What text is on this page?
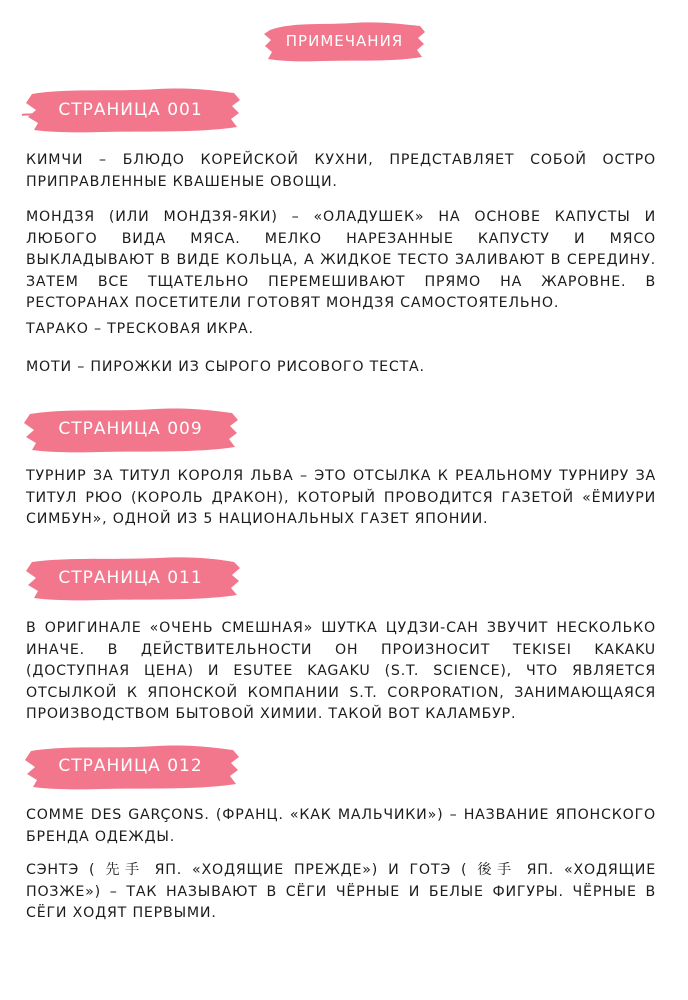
ПРИМЕЧАНИЯ
СТРАНИЦА 001

КИМЧИ – БЛЮДО КОРЕЙСКОЙ КУХНИ, ПРЕДСТАВЛЯЕТ СОБОЙ ОСТРО ПРИПРАВЛЕННЫЕ КВАШЕНЫЕ ОВОЩИ.

МОНДЗЯ (ИЛИ МОНДЗЯ-ЯКИ) – «ОЛАДУШЕК» НА ОСНОВЕ КАПУСТЫ И ЛЮБОГО ВИДА МЯСА. МЕЛКО НАРЕЗАННЫЕ КАПУСТУ И МЯСО ВЫКЛАДЫВАЮТ В ВИДЕ КОЛЬЦА, А ЖИДКОЕ ТЕСТО ЗАЛИВАЮТ В СЕРЕДИНУ. ЗАТЕМ ВСЕ ТЩАТЕЛЬНО ПЕРЕМЕШИВАЮТ ПРЯМО НА ЖАРОВНЕ. В РЕСТОРАНАХ ПОСЕТИТЕЛИ ГОТОВЯТ МОНДЗЯ САМОСТОЯТЕЛЬНО.

ТАРАКО – ТРЕСКОВАЯ ИКРА.

МОТИ – ПИРОЖКИ ИЗ СЫРОГО РИСОВОГО ТЕСТА.

СТРАНИЦА 009

ТУРНИР ЗА ТИТУЛ КОРОЛЯ ЛЬВА – ЭТО ОТСЫЛКА К РЕАЛЬНОМУ ТУРНИРУ ЗА ТИТУЛ РЮО (КОРОЛЬ ДРАКОН), КОТОРЫЙ ПРОВОДИТСЯ ГАЗЕТОЙ «ЁМИУРИ СИМБУН», ОДНОЙ ИЗ 5 НАЦИОНАЛЬНЫХ ГАЗЕТ ЯПОНИИ.

СТРАНИЦА 011

В ОРИГИНАЛЕ «ОЧЕНЬ СМЕШНАЯ» ШУТКА ЦУДЗИ-САН ЗВУЧИТ НЕСКОЛЬКО ИНАЧЕ. В ДЕЙСТВИТЕЛЬНОСТИ ОН ПРОИЗНОСИТ TEKISEI KAKAKU (ДОСТУПНАЯ ЦЕНА) И ESUTEE KAGAKU (S.T. SCIENCE), ЧТО ЯВЛЯЕТСЯ ОТСЫЛКОЙ К ЯПОНСКОЙ КОМПАНИИ S.T. CORPORATION, ЗАНИМАЮЩАЯСЯ ПРОИЗВОДСТВОМ БЫТОВОЙ ХИМИИ. ТАКОЙ ВОТ КАЛАМБУР.

СТРАНИЦА 012

COMME DES GARÇONS. (ФРАНЦ. «КАК МАЛЬЧИКИ») – НАЗВАНИЕ ЯПОНСКОГО БРЕНДА ОДЕЖДЫ.

СЭНТЭ ( 先手 ЯП. «ХОДЯЩИЕ ПРЕЖДЕ») И ГОТЭ ( 後手 ЯП. «ХОДЯЩИЕ ПОЗЖЕ») – ТАК НАЗЫВАЮТ В СЁГИ ЧЁРНЫЕ И БЕЛЫЕ ФИГУРЫ. ЧЁРНЫЕ В СЁГИ ХОДЯТ ПЕРВЫМИ.
